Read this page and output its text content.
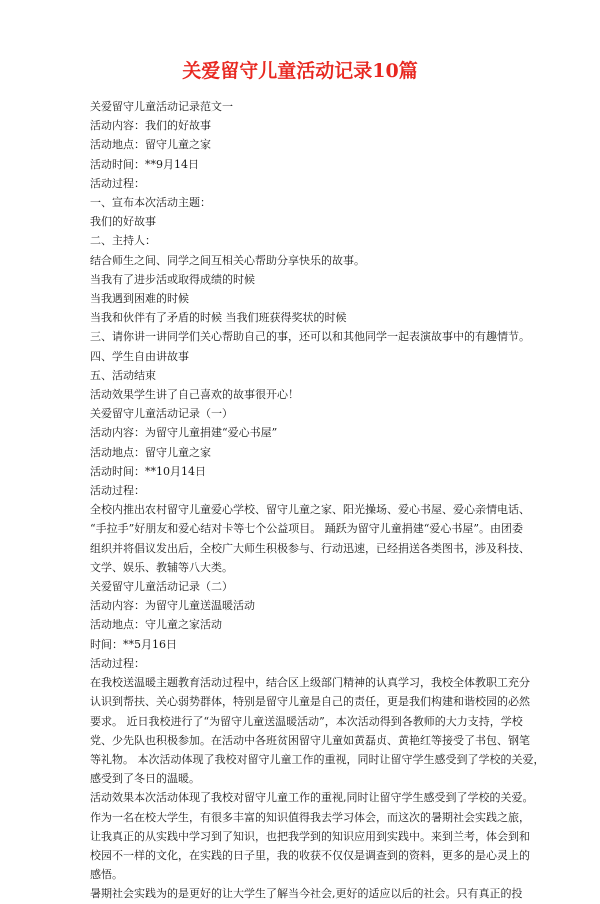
关爱留守儿童活动记录10篇

关爱留守儿童活动记录范文一

活动内容：我们的好故事

活动地点：留守儿童之家

活动时间：**9月14日

活动过程：

一、宣布本次活动主题：

我们的好故事

二、主持人：

结合师生之间、同学之间互相关心帮助分享快乐的故事。

当我有了进步活或取得成绩的时候

当我遇到困难的时候

当我和伙伴有了矛盾的时候 当我们班获得奖状的时候

三、请你讲一讲同学们关心帮助自己的事，还可以和其他同学一起表演故事中的有趣情节。

四、学生自由讲故事

五、活动结束

活动效果学生讲了自己喜欢的故事很开心！

关爱留守儿童活动记录（一）

活动内容：为留守儿童捐建“爱心书屋”

活动地点：留守儿童之家

活动时间：**10月14日

活动过程：

全校内推出农村留守儿童爱心学校、留守儿童之家、阳光操场、爱心书屋、爱心亲情电话、

“手拉手”好朋友和爱心结对卡等七个公益项目。 踊跃为留守儿童捐建“爱心书屋”。由团委

组织并将倡议发出后，全校广大师生积极参与、行动迅速，已经捐送各类图书，涉及科技、

文学、娱乐、教辅等八大类。

关爱留守儿童活动记录（二）

活动内容：为留守儿童送温暖活动

活动地点：守儿童之家活动

时间：**5月16日

活动过程：

在我校送温暖主题教育活动过程中，结合区上级部门精神的认真学习，我校全体教职工充分

认识到帮扶、关心弱势群体，特别是留守儿童是自己的责任，更是我们构建和谐校园的必然

要求。 近日我校进行了“为留守儿童送温暖活动”，本次活动得到各教师的大力支持，学校

党、少先队也积极参加。在活动中各班贫困留守儿童如黄磊贞、黄艳红等接受了书包、钢笔

等礼物。 本次活动体现了我校对留守儿童工作的重视，同时让留守学生感受到了学校的关爱，

感受到了冬日的温暖。

活动效果本次活动体现了我校对留守儿童工作的重视,同时让留守学生感受到了学校的关爱。

作为一名在校大学生，有很多丰富的知识值得我去学习体会，而这次的暑期社会实践之旅，

让我真正的从实践中学习到了知识，也把我学到的知识应用到实践中。来到兰考，体会到和

校园不一样的文化，在实践的日子里，我的收获不仅仅是调查到的资料，更多的是心灵上的

感悟。

暑期社会实践为的是更好的让大学生了解当今社会,更好的适应以后的社会。只有真正的投
